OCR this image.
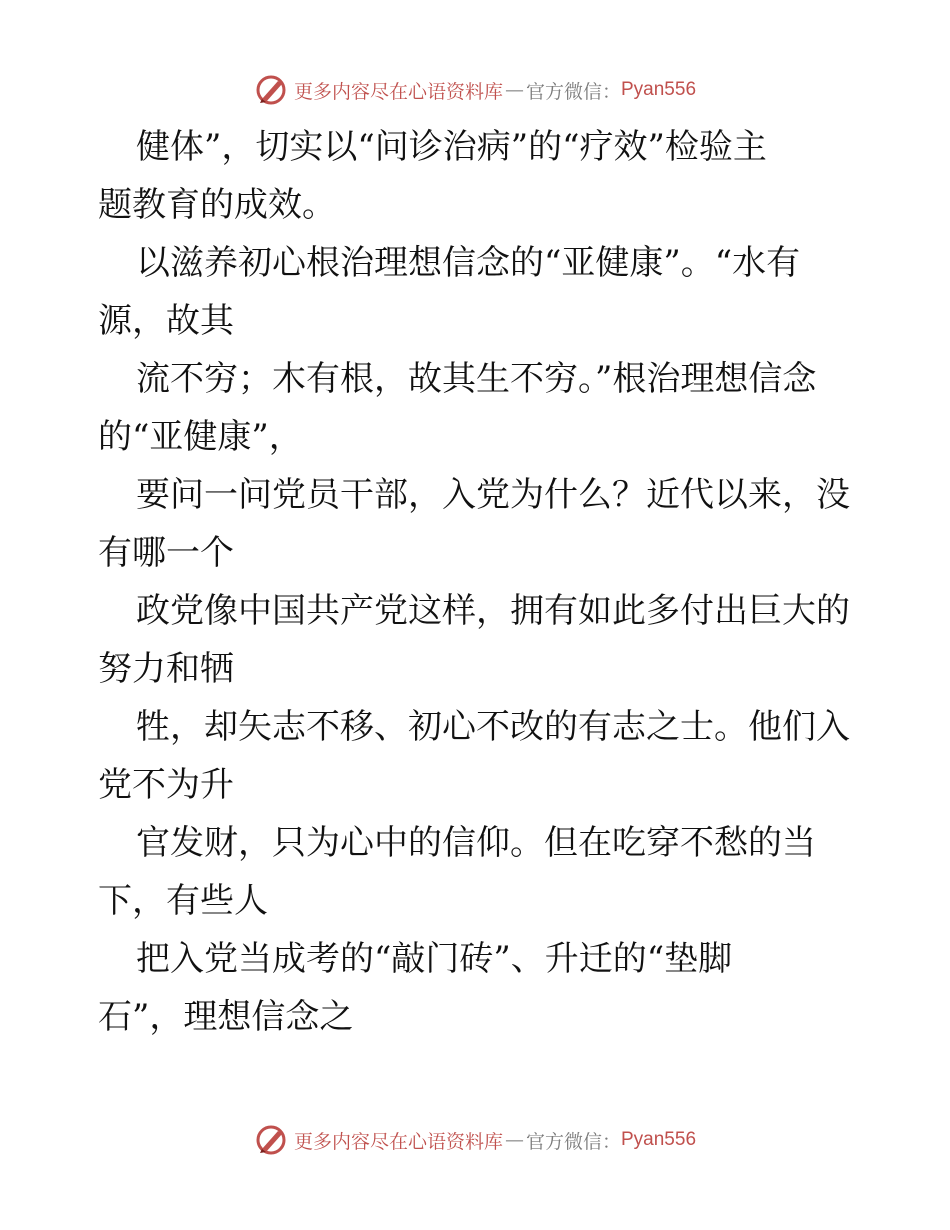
更多内容尽在心语资料库 — 官方微信： Pyan556
健体”，切实以“问诊治病”的“疗效”检验主
题教育的成效。
以滋养初心根治理想信念的“亚健康”。“水有
源，故其
流不穷；木有根，故其生不穷。”根治理想信念
的“亚健康”，
要问一问党员干部，入党为什么？近代以来，没
有哪一个
政党像中国共产党这样，拥有如此多付出巨大的
努力和牺
牲，却矢志不移、初心不改的有志之士。他们入
党不为升
官发财，只为心中的信仰。但在吃穿不愁的当
下，有些人
把入党当成考的“敲门砖”、升迁的“垫脚
石”，理想信念之
更多内容尽在心语资料库 — 官方微信： Pyan556
